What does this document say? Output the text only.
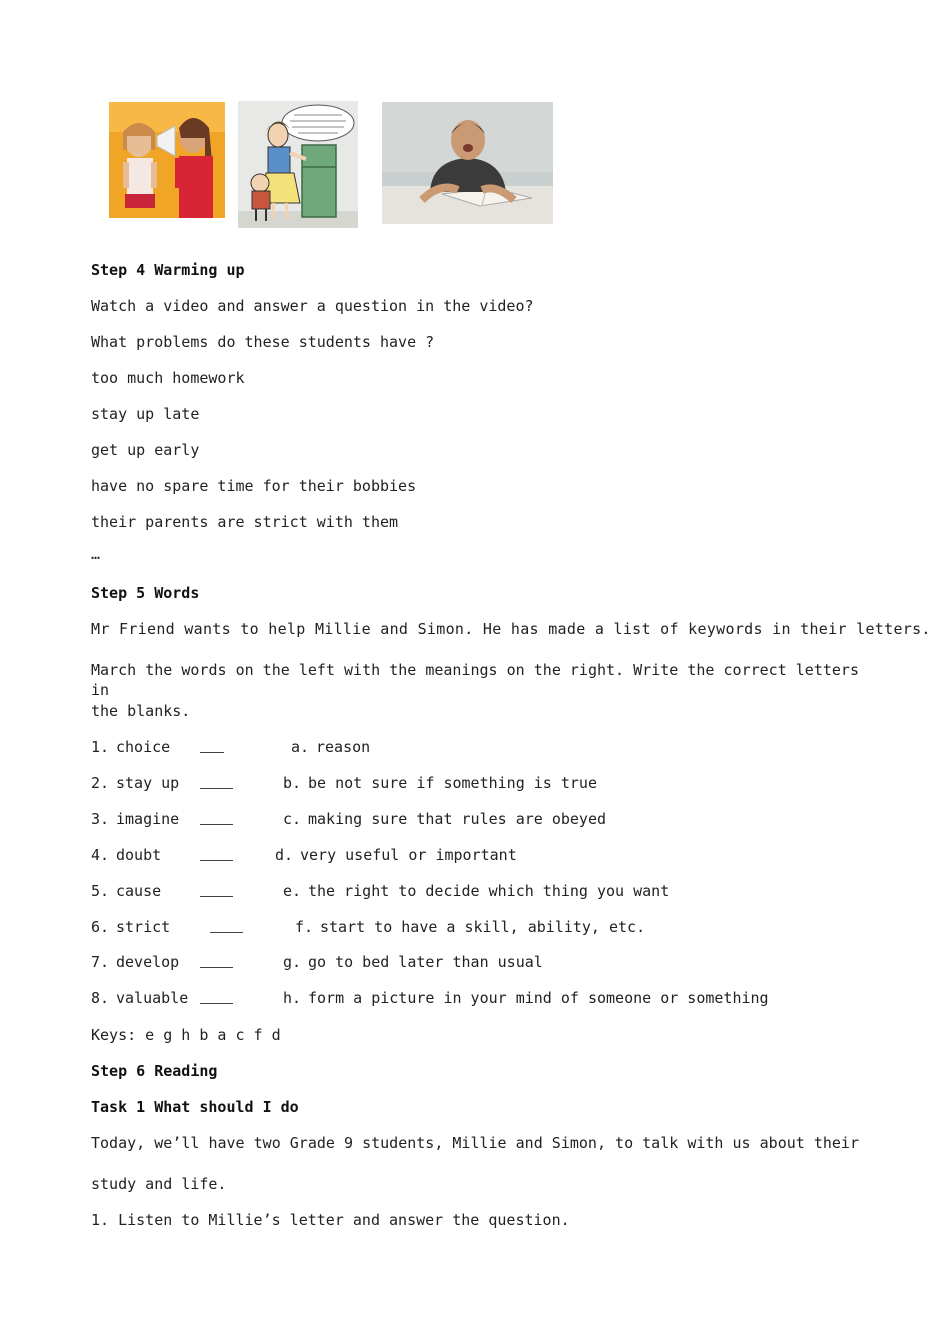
Step 4 Warming up
Watch a video and answer a question in the video?
What problems do these students have ?
too much homework
stay up late
get up early
have no spare time for their bobbies
their parents are strict with them
…
Step 5 Words
Mr Friend wants to help Millie and Simon. He has made a list of keywords in their letters.
March the words on the left with the meanings on the right. Write the correct letters in
the blanks.
1. choice	a. reason
2. stay up	b. be not sure if something is true
3. imagine	c. making sure that rules are obeyed
4. doubt	d. very useful or important
5. cause	e. the right to decide which thing you want
6. strict	f. start to have a skill, ability, etc.
7. develop	g. go to bed later than usual
8. valuable	h. form a picture in your mind of someone or something
Keys: e g h b a c f d
Step 6 Reading
Task 1 What should I do
Today, we’ll have two Grade 9 students, Millie and Simon, to talk with us about their
study and life.
1. Listen to Millie’s letter and answer the question.
